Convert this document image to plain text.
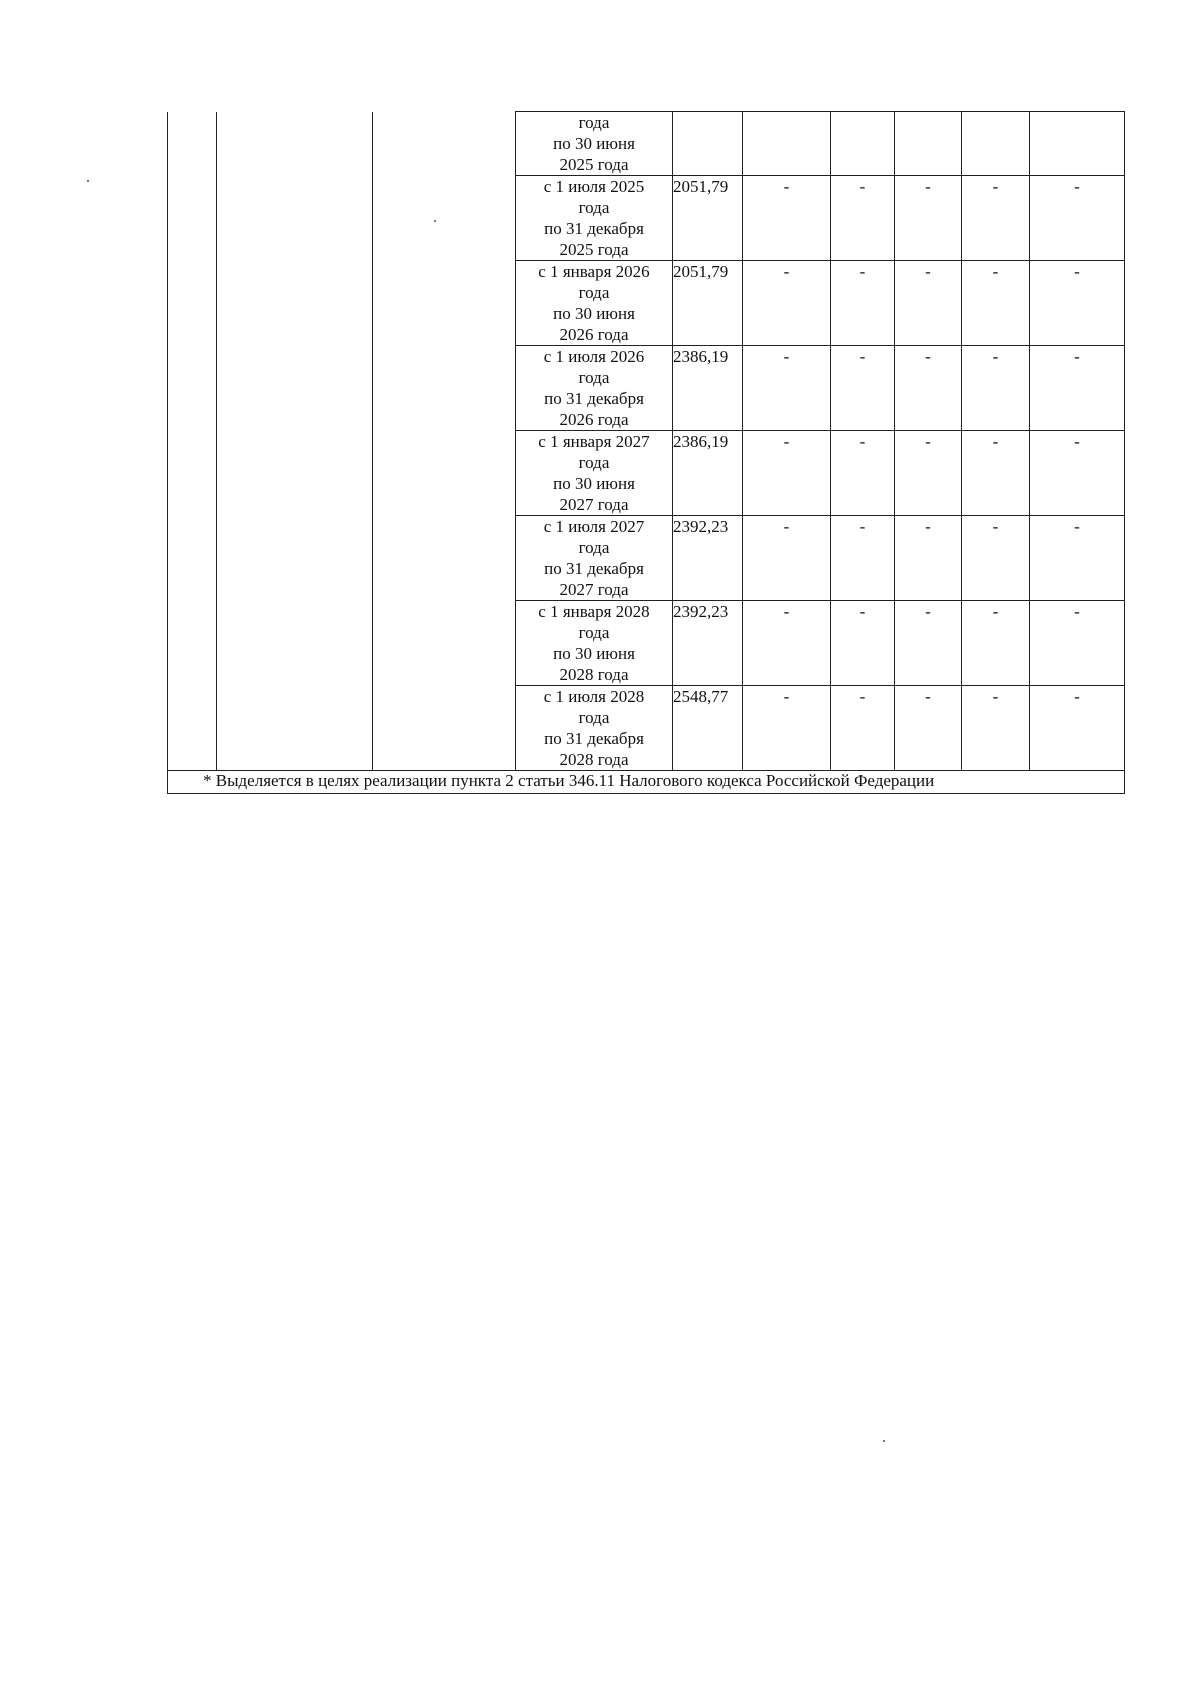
			года
по 30 июня
2025 года						

			с 1 июля 2025
года
по 31 декабря
2025 года	2051,79	-	-	-	-	-

			с 1 января 2026
года
по 30 июня
2026 года	2051,79	-	-	-	-	-

			с 1 июля 2026
года
по 31 декабря
2026 года	2386,19	-	-	-	-	-

			с 1 января 2027
года
по 30 июня
2027 года	2386,19	-	-	-	-	-

			с 1 июля 2027
года
по 31 декабря
2027 года	2392,23	-	-	-	-	-

			с 1 января 2028
года
по 30 июня
2028 года	2392,23	-	-	-	-	-

			с 1 июля 2028
года
по 31 декабря
2028 года	2548,77	-	-	-	-	-
* Выделяется в целях реализации пункта 2 статьи 346.11 Налогового кодекса Российской Федерации									
